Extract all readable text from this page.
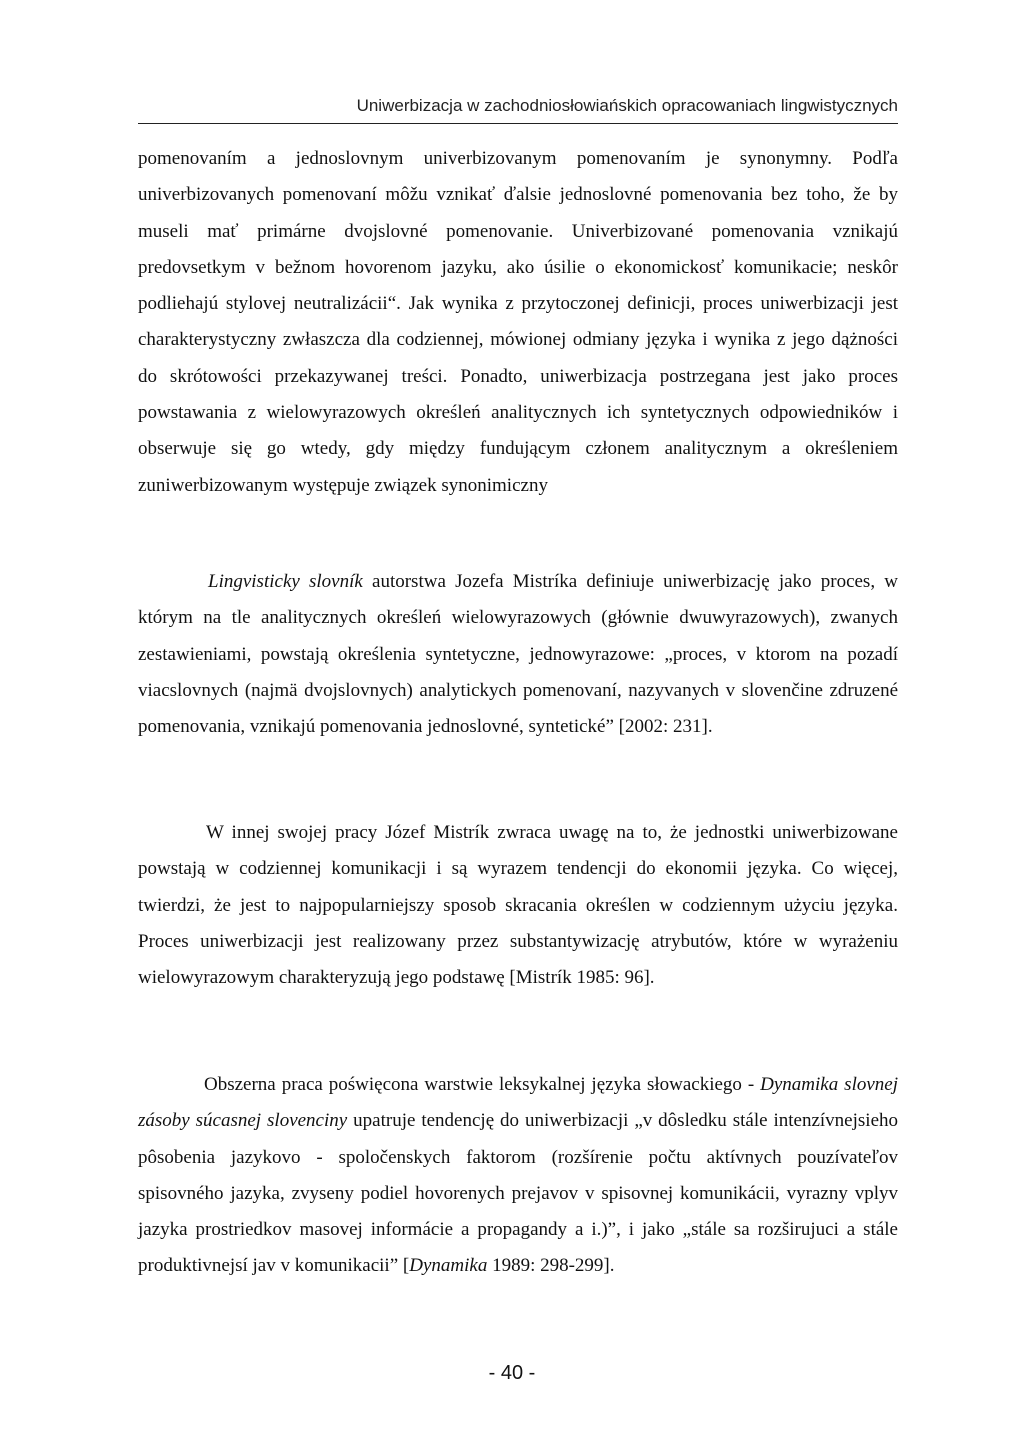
Uniwerbizacja w zachodniosłowiańskich opracowaniach lingwistycznych

pomenovaním a jednoslovnym univerbizovanym pomenovaním je synonymny. Podľa univerbizovanych pomenovaní môžu vznikať ďalsie jednoslovné pomenovania bez toho, že by museli mať primárne dvojslovné pomenovanie. Univerbizované pomenovania vznikajú predovsetkym v bežnom hovorenom jazyku, ako úsilie o ekonomickosť komunikacie; neskôr podliehajú stylovej neutralizácii“. Jak wynika z przytoczonej definicji, proces uniwerbizacji jest charakterystyczny zwłaszcza dla codziennej, mówionej odmiany języka i wynika z jego dążności do skrótowości przekazywanej treści. Ponadto, uniwerbizacja postrzegana jest jako proces powstawania z wielowyrazowych określeń analitycznych ich syntetycznych odpowiedników i obserwuje się go wtedy, gdy między fundującym członem analitycznym a określeniem zuniwerbizowanym występuje związek synonimiczny

Lingvisticky slovník autorstwa Jozefa Mistríka definiuje uniwerbizację jako proces, w którym na tle analitycznych określeń wielowyrazowych (głównie dwuwyrazowych), zwanych zestawieniami, powstają określenia syntetyczne, jednowyrazowe: „proces, v ktorom na pozadí viacslovnych (najmä dvojslovnych) analytickych pomenovaní, nazyvanych v slovenčine zdruzené pomenovania, vznikajú pomenovania jednoslovné, syntetické” [2002: 231].

W innej swojej pracy Józef Mistrík zwraca uwagę na to, że jednostki uniwerbizowane powstają w codziennej komunikacji i są wyrazem tendencji do ekonomii języka. Co więcej, twierdzi, że jest to najpopularniejszy sposob skracania określen w codziennym użyciu języka. Proces uniwerbizacji jest realizowany przez substantywizację atrybutów, które w wyrażeniu wielowyrazowym charakteryzują jego podstawę [Mistrík 1985: 96].

Obszerna praca poświęcona warstwie leksykalnej języka słowackiego - Dynamika slovnej zásoby súcasnej slovenciny upatruje tendencję do uniwerbizacji „v dôsledku stále intenzívnejsieho pôsobenia jazykovo - spoločenskych faktorom (rozšírenie počtu aktívnych pouzívateľov spisovného jazyka, zvyseny podiel hovorenych prejavov v spisovnej komunikácii, vyrazny vplyv jazyka prostriedkov masovej informácie a propagandy a i.)”, i jako „stále sa rozširujuci a stále produktivnejsí jav v komunikacii” [Dynamika 1989: 298-299].

- 40 -
